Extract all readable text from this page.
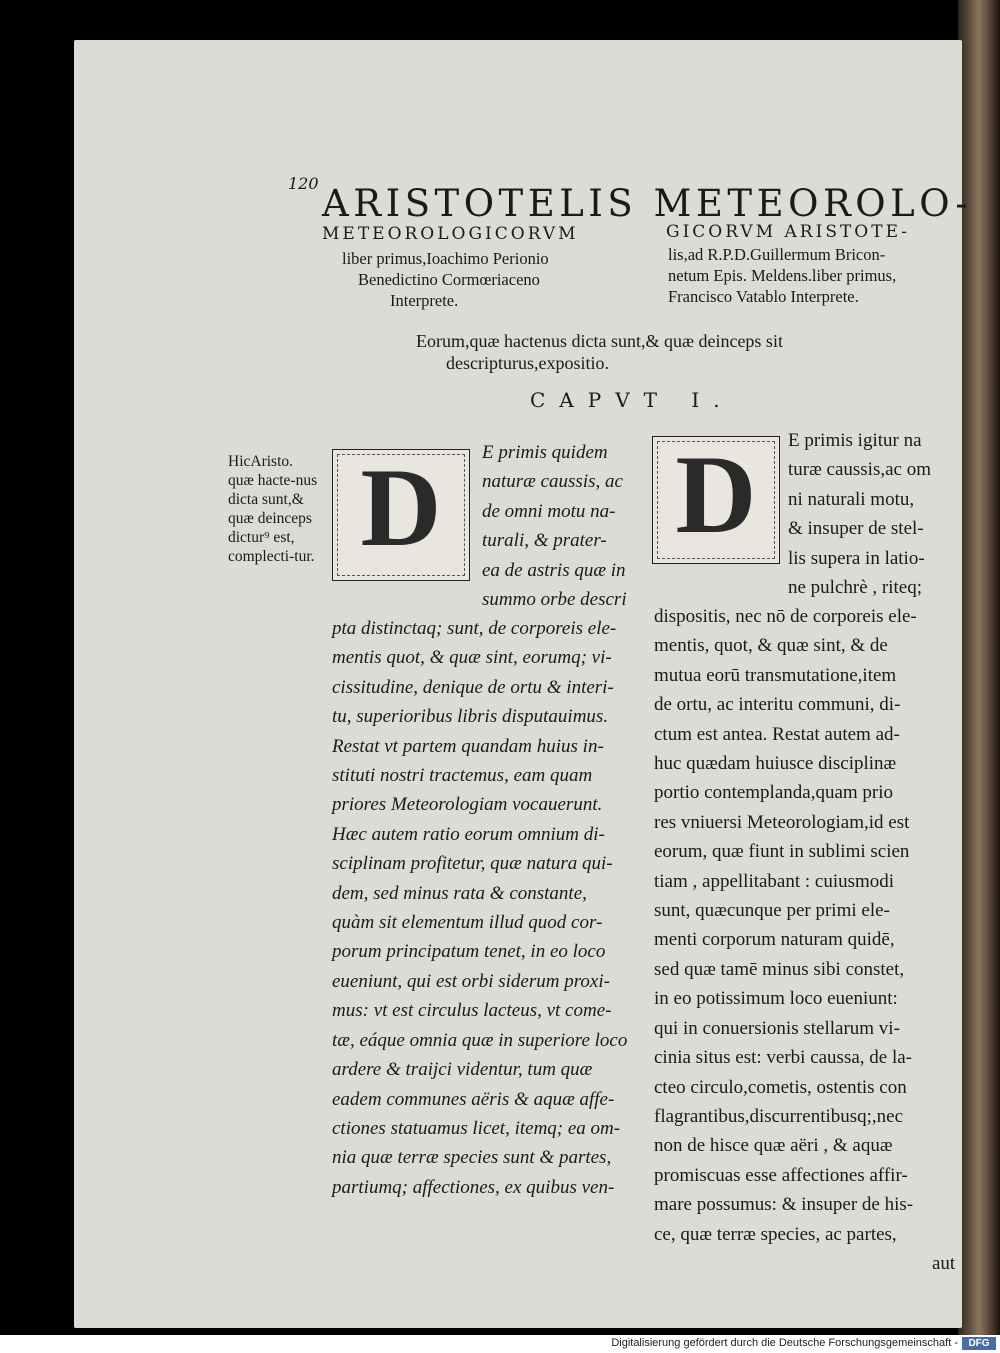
120 ARISTOTELIS METEOROLO-
METEOROLOGICORVM
liber primus,Ioachimo Perionio
Benedictino Cormœriaceno
Interprete.
GICORVM ARISTOTE-
lis,ad R.P.D.Guillermum Bricon-
netum Epis. Meldens.liber primus,
Francisco Vatablo Interprete.
Eorum,quæ hactenus dicta sunt,& quæ deinceps sit
descripturus,expositio.
CAPVT I.
HicAristo. quæ hacte-nus dicta sunt,& quæ deinceps dictur⁹ est, complecti-tur. D D
E primis quidem
naturæ caussis, ac
de omni motu na-
turali, & prater-
ea de astris quæ in
summo orbe descri
pta distinctaq; sunt, de corporeis ele-
mentis quot, & quæ sint, eorumq; vi-
cissitudine, denique de ortu & interi-
tu, superioribus libris disputauimus.
Restat vt partem quandam huius in-
stituti nostri tractemus, eam quam
priores Meteorologiam vocauerunt.
Hæc autem ratio eorum omnium di-
sciplinam profitetur, quæ natura qui-
dem, sed minus rata & constante,
quàm sit elementum illud quod cor-
porum principatum tenet, in eo loco
eueniunt, qui est orbi siderum proxi-
mus: vt est circulus lacteus, vt come-
tæ, eáque omnia quæ in superiore loco
ardere & traijci videntur, tum quæ
eadem communes aëris & aquæ affe-
ctiones statuamus licet, itemq; ea om-
nia quæ terræ species sunt & partes,
partiumq; affectiones, ex quibus ven-
E primis igitur na
turæ caussis,ac om
ni naturali motu,
& insuper de stel-
lis supera in latio-
ne pulchrè , riteq;
dispositis, nec nō de corporeis ele-
mentis, quot, & quæ sint, & de
mutua eorū transmutatione,item
de ortu, ac interitu communi, di-
ctum est antea. Restat autem ad-
huc quædam huiusce disciplinæ
portio contemplanda,quam prio
res vniuersi Meteorologiam,id est
eorum, quæ fiunt in sublimi scien
tiam , appellitabant : cuiusmodi
sunt, quæcunque per primi ele-
menti corporum naturam quidē,
sed quæ tamē minus sibi constet,
in eo potissimum loco eueniunt:
qui in conuersionis stellarum vi-
cinia situs est: verbi caussa, de la-
cteo circulo,cometis, ostentis con
flagrantibus,discurrentibusq;,nec
non de hisce quæ aëri , & aquæ
promiscuas esse affectiones affir-
mare possumus: & insuper de his-
ce, quæ terræ species, ac partes,
aut
Digitalisierung gefördert durch die Deutsche Forschungsgemeinschaft -	DFG
